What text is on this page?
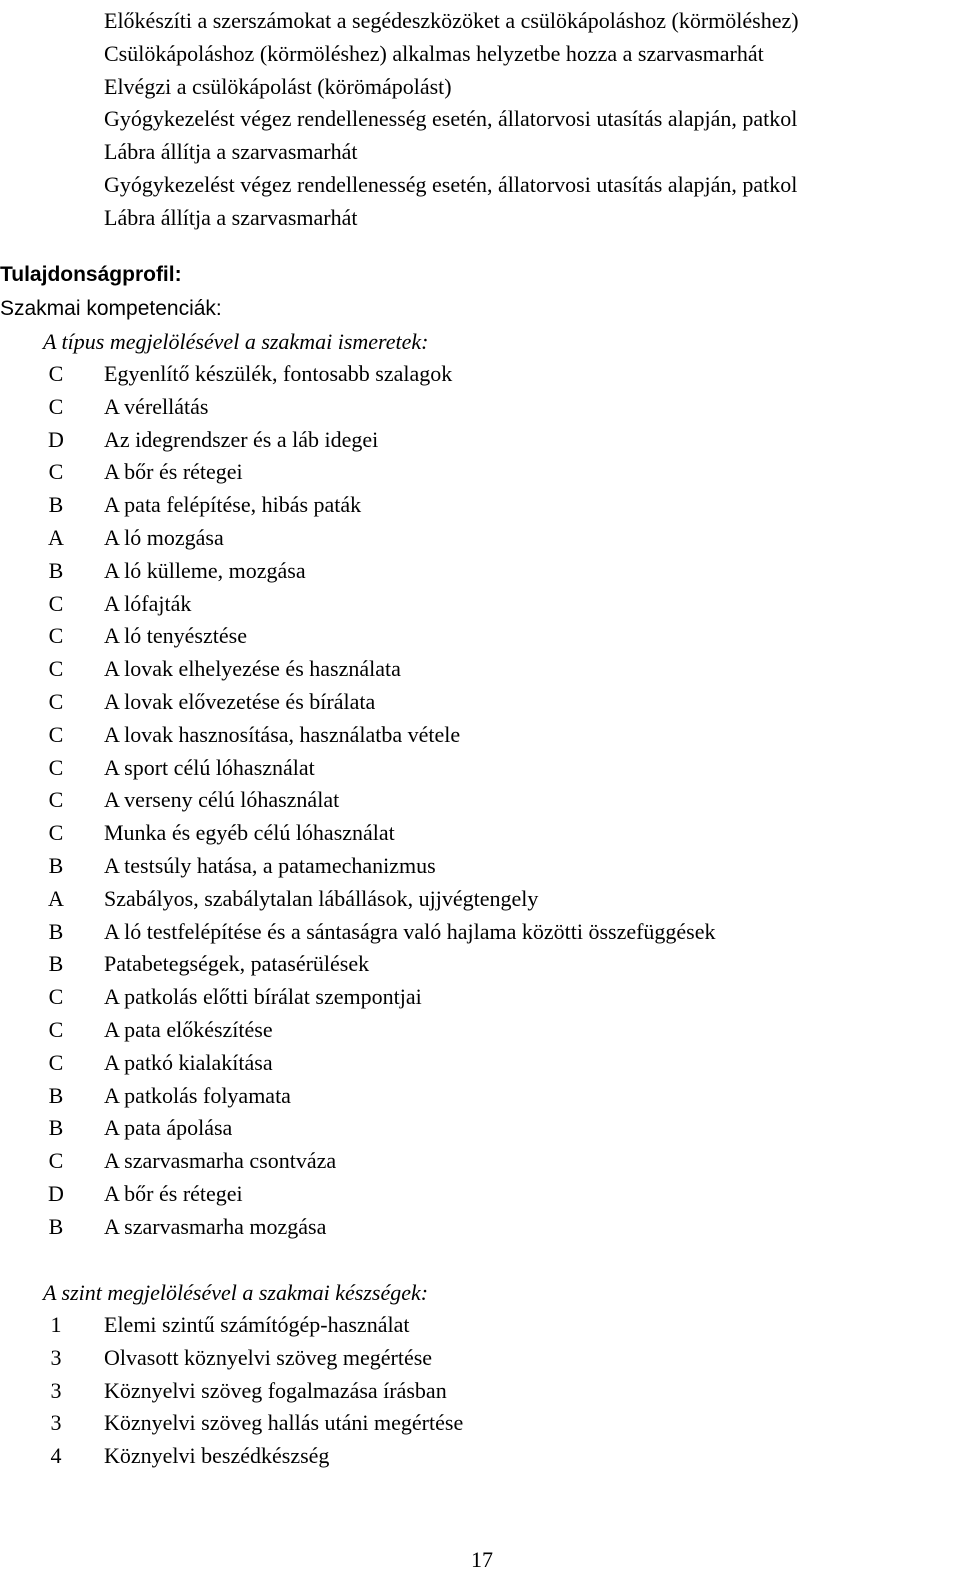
Előkészíti a szerszámokat a segédeszközöket a csülökápoláshoz (körmöléshez)
Csülökápoláshoz (körmöléshez) alkalmas helyzetbe hozza a szarvasmarhát
Elvégzi a csülökápolást (körömápolást)
Gyógykezelést végez rendellenesség esetén, állatorvosi utasítás alapján, patkol
Lábra állítja a szarvasmarhát
Gyógykezelést végez rendellenesség esetén, állatorvosi utasítás alapján, patkol
Lábra állítja a szarvasmarhát
Tulajdonságprofil:
Szakmai kompetenciák:
A típus megjelölésével a szakmai ismeretek:
C	Egyenlítő készülék, fontosabb szalagok
C	A vérellátás
D	Az idegrendszer és a láb idegei
C	A bőr és rétegei
B	A pata felépítése, hibás paták
A	A ló mozgása
B	A ló külleme, mozgása
C	A lófajták
C	A ló tenyésztése
C	A lovak elhelyezése és használata
C	A lovak elővezetése és bírálata
C	A lovak hasznosítása, használatba vétele
C	A sport célú lóhasználat
C	A verseny célú lóhasználat
C	Munka és egyéb célú lóhasználat
B	A testsúly hatása, a patamechanizmus
A	Szabályos, szabálytalan lábállások, ujjvégtengely
B	A ló testfelépítése és a sántaságra való hajlama közötti összefüggések
B	Patabetegségek, patasérülések
C	A patkolás előtti bírálat szempontjai
C	A pata előkészítése
C	A patkó kialakítása
B	A patkolás folyamata
B	A pata ápolása
C	A szarvasmarha csontváza
D	A bőr és rétegei
B	A szarvasmarha mozgása
A szint megjelölésével a szakmai készségek:
1	Elemi szintű számítógép-használat
3	Olvasott köznyelvi szöveg megértése
3	Köznyelvi szöveg fogalmazása írásban
3	Köznyelvi szöveg hallás utáni megértése
4	Köznyelvi beszédkészség
17
